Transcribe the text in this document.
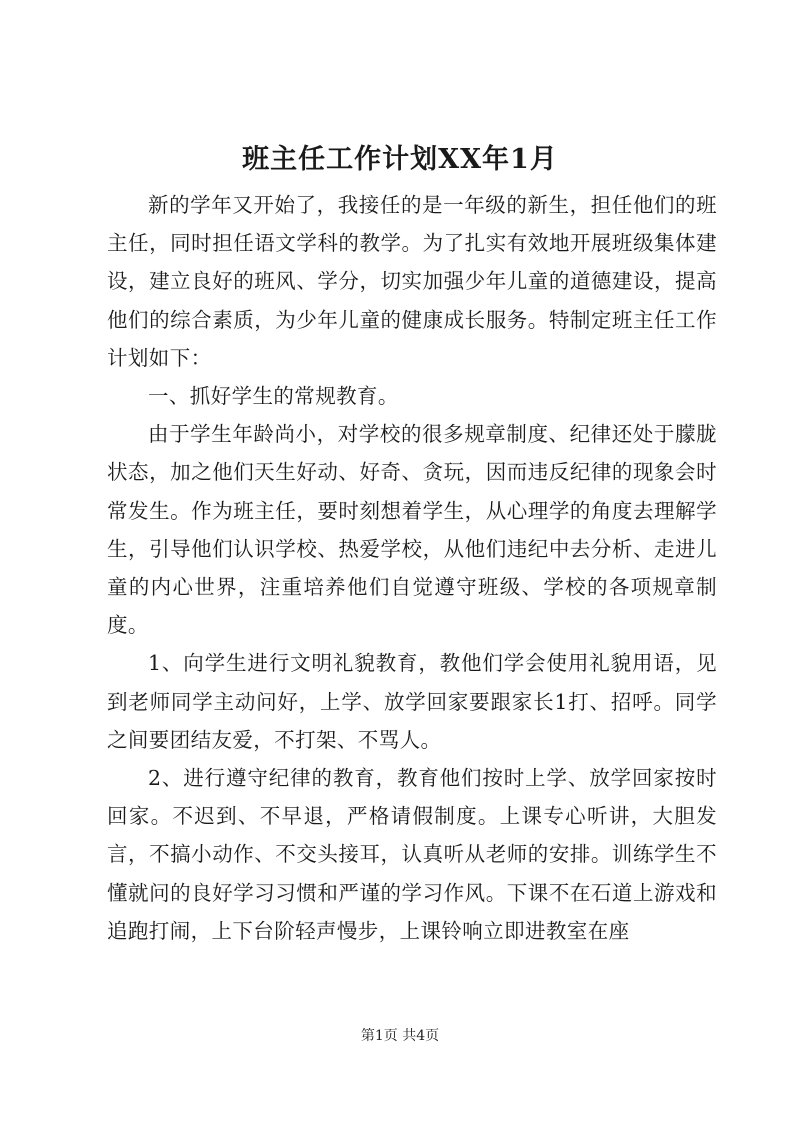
班主任工作计划XX年1月

新的学年又开始了，我接任的是一年级的新生，担任他们的班主任，同时担任语文学科的教学。为了扎实有效地开展班级集体建设，建立良好的班风、学分，切实加强少年儿童的道德建设，提高他们的综合素质，为少年儿童的健康成长服务。特制定班主任工作计划如下：

一、抓好学生的常规教育。

由于学生年龄尚小，对学校的很多规章制度、纪律还处于朦胧状态，加之他们天生好动、好奇、贪玩，因而违反纪律的现象会时常发生。作为班主任，要时刻想着学生，从心理学的角度去理解学生，引导他们认识学校、热爱学校，从他们违纪中去分析、走进儿童的内心世界，注重培养他们自觉遵守班级、学校的各项规章制度。

1、向学生进行文明礼貌教育，教他们学会使用礼貌用语，见到老师同学主动问好，上学、放学回家要跟家长1打、招呼。同学之间要团结友爱，不打架、不骂人。

2、进行遵守纪律的教育，教育他们按时上学、放学回家按时回家。不迟到、不早退，严格请假制度。上课专心听讲，大胆发言，不搞小动作、不交头接耳，认真听从老师的安排。训练学生不懂就问的良好学习习惯和严谨的学习作风。下课不在石道上游戏和追跑打闹，上下台阶轻声慢步，上课铃响立即进教室在座

第1页 共4页
